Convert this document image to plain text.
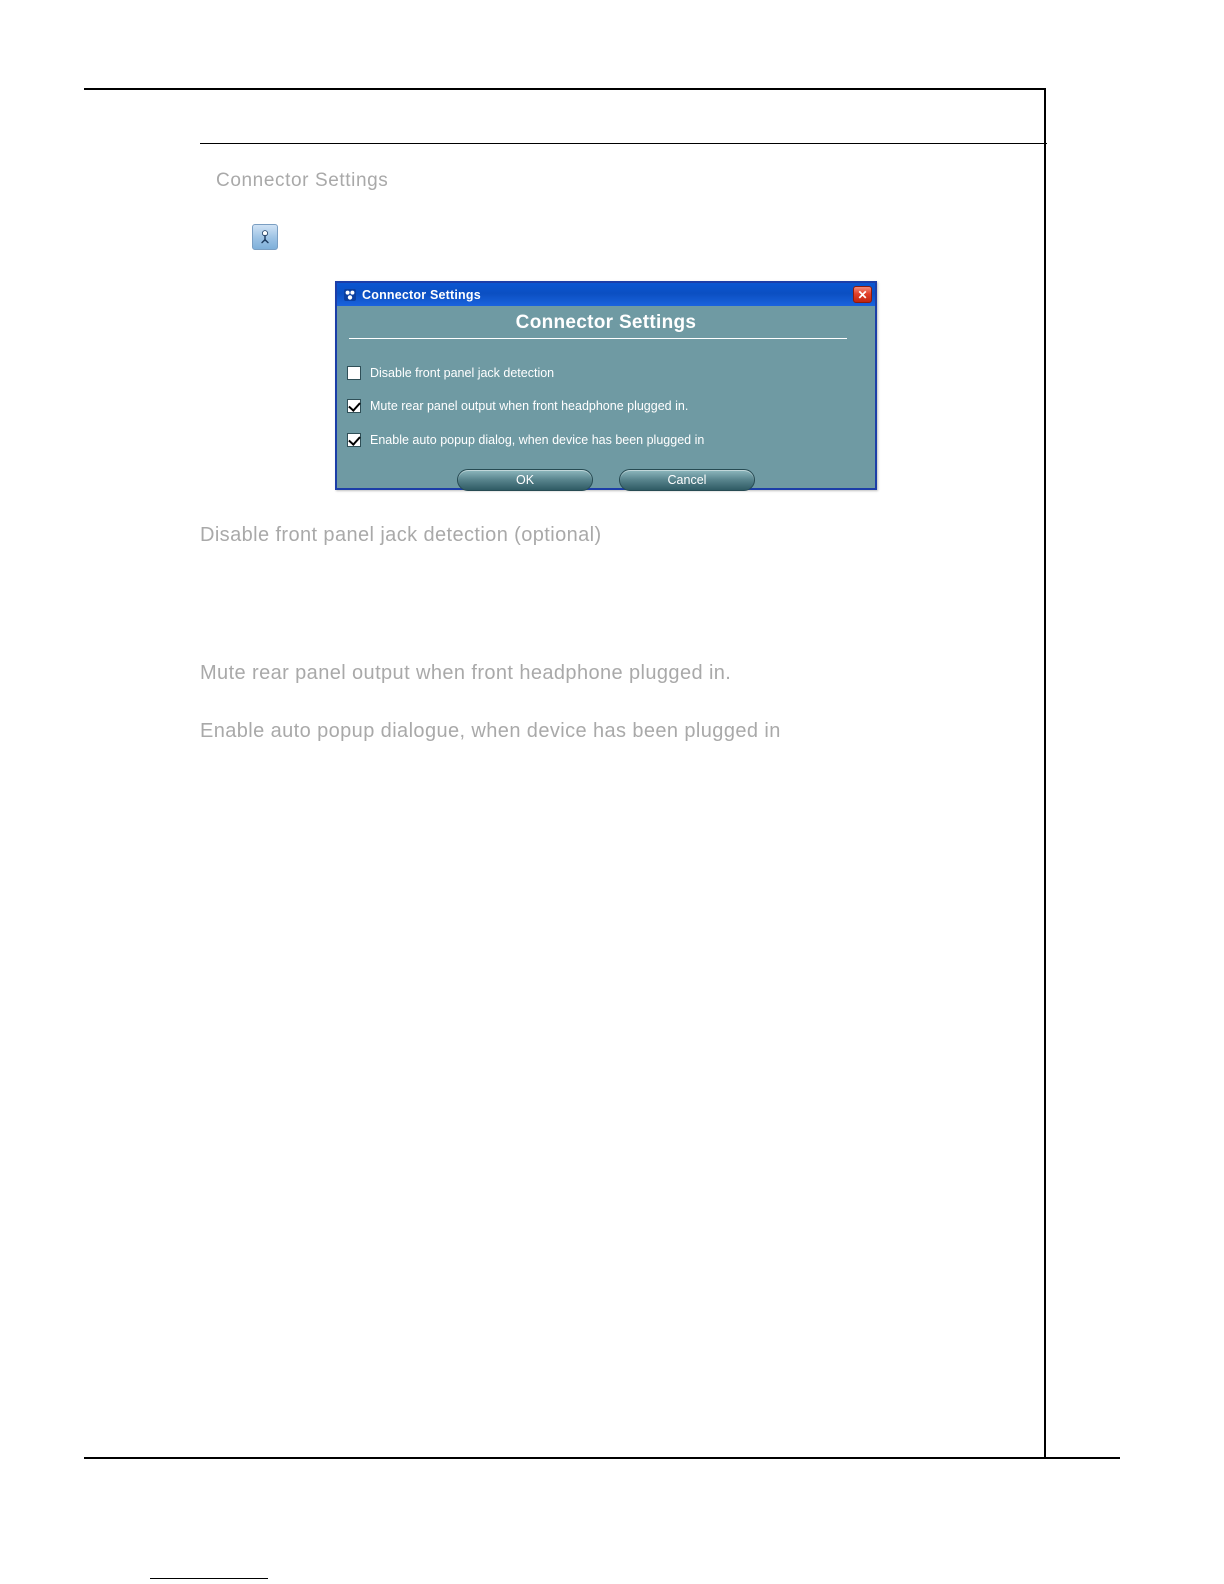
Connector Settings
Connector Settings	✕
Connector Settings
Disable front panel jack detection
Mute rear panel output when front headphone plugged in.
Enable auto popup dialog, when device has been plugged in
OK	Cancel
Disable front panel jack detection (optional)
Mute rear panel output when front headphone plugged in.
Enable auto popup dialogue, when device has been plugged in
